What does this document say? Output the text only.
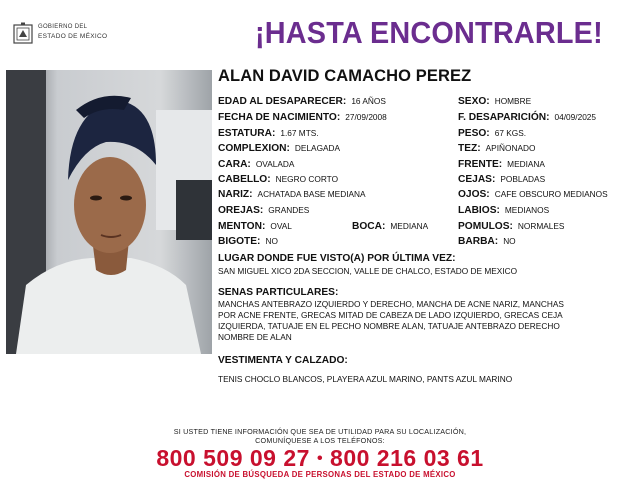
GOBIERNO DEL
ESTADO DE MÉXICO	¡HASTA ENCONTRARLE!
ALAN DAVID CAMACHO PEREZ
EDAD AL DESAPARECER: 16 AÑOS
FECHA DE NACIMIENTO: 27/09/2008
ESTATURA: 1.67 MTS.
COMPLEXION: DELAGADA
CARA: OVALADA
CABELLO: NEGRO CORTO
NARIZ: ACHATADA BASE MEDIANA
OREJAS: GRANDES
MENTON: OVAL	BOCA: MEDIANA
BIGOTE: NO
SEXO: HOMBRE
F. DESAPARICIÓN: 04/09/2025
PESO: 67 KGS.
TEZ: APIÑONADO
FRENTE: MEDIANA
CEJAS: POBLADAS
OJOS: CAFE OBSCURO MEDIANOS
LABIOS: MEDIANOS
POMULOS: NORMALES
BARBA: NO
LUGAR DONDE FUE VISTO(A) POR ÚLTIMA VEZ:
SAN MIGUEL XICO 2DA SECCION, VALLE DE CHALCO, ESTADO DE MEXICO
SENAS PARTICULARES:
MANCHAS ANTEBRAZO IZQUIERDO Y DERECHO, MANCHA DE ACNE NARIZ, MANCHAS
POR ACNE FRENTE, GRECAS MITAD DE CABEZA DE LADO IZQUIERDO, GRECAS CEJA
IZQUIERDA, TATUAJE EN EL PECHO NOMBRE ALAN, TATUAJE ANTEBRAZO DERECHO
NOMBRE DE ALAN
VESTIMENTA Y CALZADO:
TENIS CHOCLO BLANCOS, PLAYERA AZUL MARINO, PANTS AZUL MARINO
SI USTED TIENE INFORMACIÓN QUE SEA DE UTILIDAD PARA SU LOCALIZACIÓN,
COMUNÍQUESE A LOS TELÉFONOS:
800 509 09 27 • 800 216 03 61
COMISIÓN DE BÚSQUEDA DE PERSONAS DEL ESTADO DE MÉXICO
